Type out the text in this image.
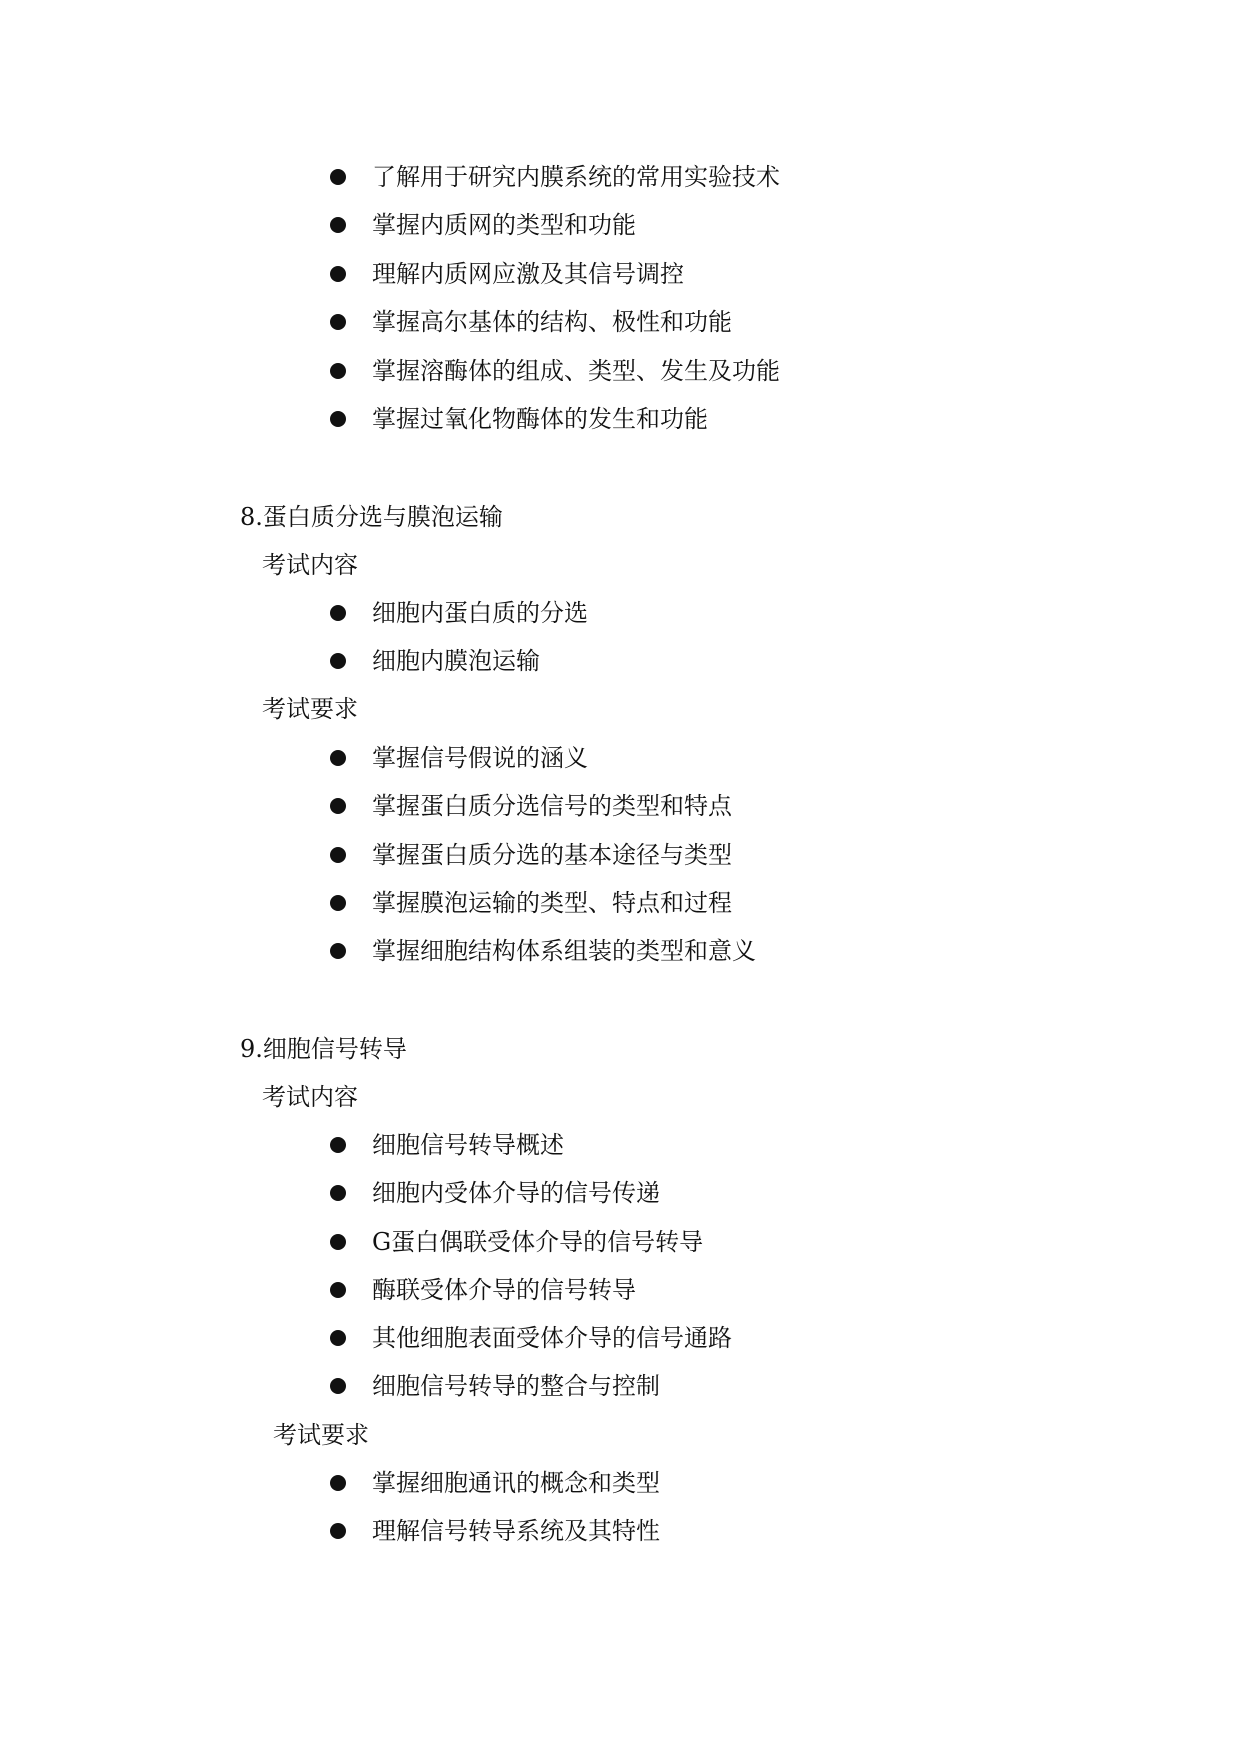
了解用于研究内膜系统的常用实验技术
掌握内质网的类型和功能
理解内质网应激及其信号调控
掌握高尔基体的结构、极性和功能
掌握溶酶体的组成、类型、发生及功能
掌握过氧化物酶体的发生和功能
8.蛋白质分选与膜泡运输
考试内容
细胞内蛋白质的分选
细胞内膜泡运输
考试要求
掌握信号假说的涵义
掌握蛋白质分选信号的类型和特点
掌握蛋白质分选的基本途径与类型
掌握膜泡运输的类型、特点和过程
掌握细胞结构体系组装的类型和意义
9.细胞信号转导
考试内容
细胞信号转导概述
细胞内受体介导的信号传递
G蛋白偶联受体介导的信号转导
酶联受体介导的信号转导
其他细胞表面受体介导的信号通路
细胞信号转导的整合与控制
考试要求
掌握细胞通讯的概念和类型
理解信号转导系统及其特性
